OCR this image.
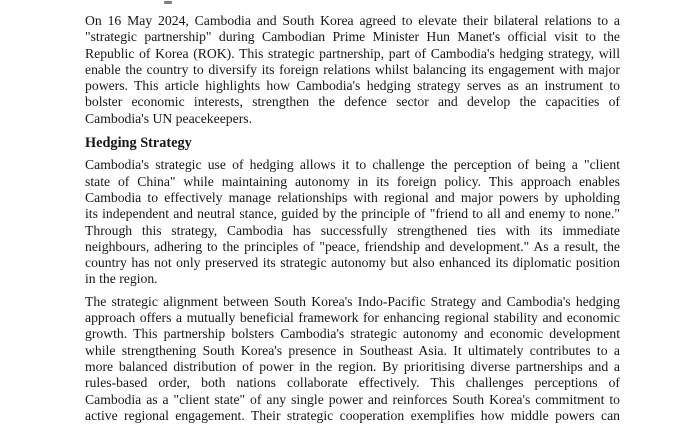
On 16 May 2024, Cambodia and South Korea agreed to elevate their bilateral relations to a
"strategic partnership" during Cambodian Prime Minister Hun Manet's official visit to the
Republic of Korea (ROK). This strategic partnership, part of Cambodia's hedging strategy, will
enable the country to diversify its foreign relations whilst balancing its engagement with major
powers. This article highlights how Cambodia's hedging strategy serves as an instrument to
bolster economic interests, strengthen the defence sector and develop the capacities of
Cambodia's UN peacekeepers.
Hedging Strategy
Cambodia's strategic use of hedging allows it to challenge the perception of being a "client
state of China" while maintaining autonomy in its foreign policy. This approach enables
Cambodia to effectively manage relationships with regional and major powers by upholding
its independent and neutral stance, guided by the principle of "friend to all and enemy to none."
Through this strategy, Cambodia has successfully strengthened ties with its immediate
neighbours, adhering to the principles of "peace, friendship and development." As a result, the
country has not only preserved its strategic autonomy but also enhanced its diplomatic position
in the region.
The strategic alignment between South Korea's Indo-Pacific Strategy and Cambodia's hedging
approach offers a mutually beneficial framework for enhancing regional stability and economic
growth. This partnership bolsters Cambodia's strategic autonomy and economic development
while strengthening South Korea's presence in Southeast Asia. It ultimately contributes to a
more balanced distribution of power in the region. By prioritising diverse partnerships and a
rules-based order, both nations collaborate effectively. This challenges perceptions of
Cambodia as a "client state" of any single power and reinforces South Korea's commitment to
active regional engagement. Their strategic cooperation exemplifies how middle powers can
